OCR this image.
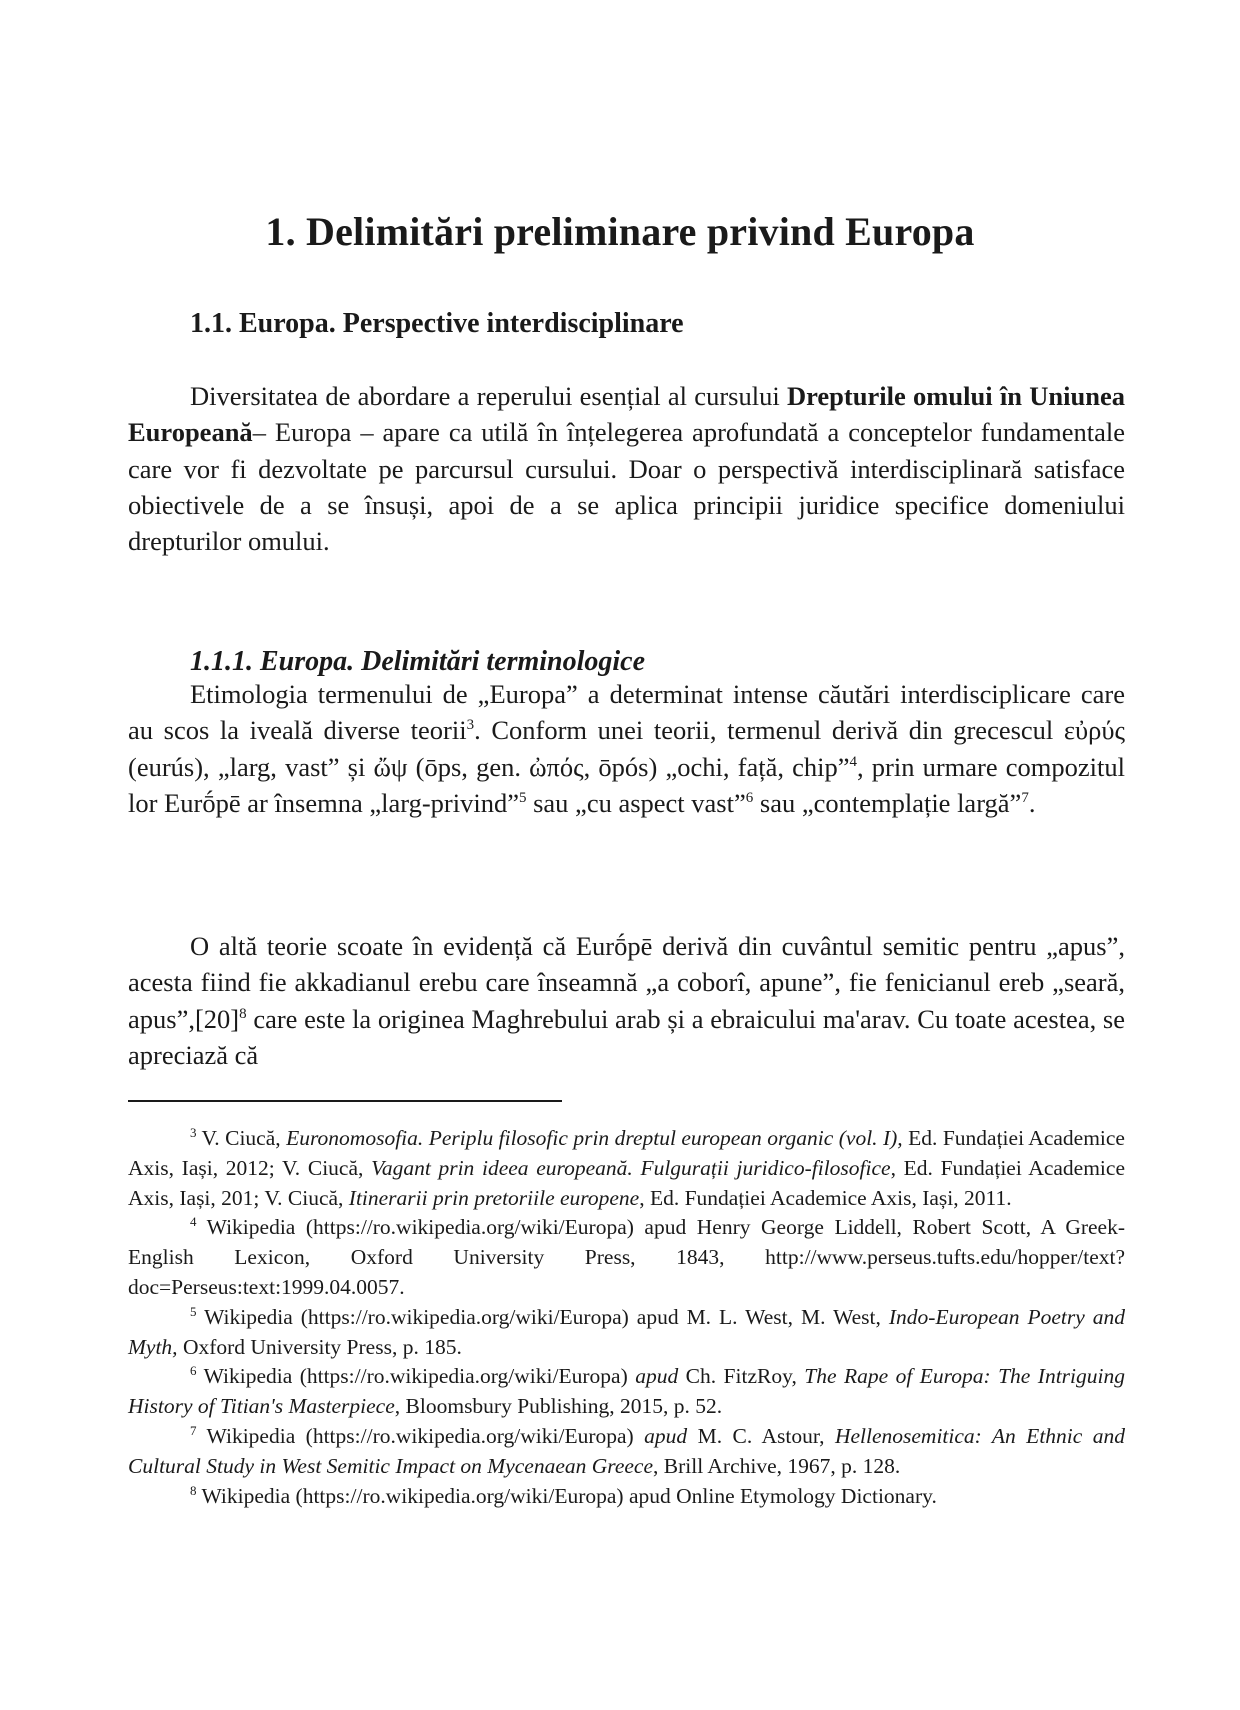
1. Delimitări preliminare privind Europa
1.1. Europa. Perspective interdisciplinare

Diversitatea de abordare a reperului esențial al cursului Drepturile omului în Uniunea Europeană– Europa – apare ca utilă în înțelegerea aprofundată a conceptelor fundamentale care vor fi dezvoltate pe parcursul cursului. Doar o perspectivă interdisciplinară satisface obiectivele de a se însuși, apoi de a se aplica principii juridice specifice domeniului drepturilor omului.

1.1.1. Europa. Delimitări terminologice

Etimologia termenului de „Europa” a determinat intense căutări interdisciplicare care au scos la iveală diverse teorii$^3$. Conform unei teorii, termenul derivă din grecescul εὐρύς (eurús), „larg, vast” și ὤψ (ōps, gen. ὠπός, ōpós) „ochi, față, chip”$^4$, prin urmare compozitul lor Eurṓpē ar însemna „larg-privind”$^5$ sau „cu aspect vast”$^6$ sau „contemplație largă”$^7$.

O altă teorie scoate în evidență că Eurṓpē derivă din cuvântul semitic pentru „apus”, acesta fiind fie akkadianul erebu care înseamnă „a coborî, apune”, fie fenicianul ereb „seară, $apus”,[20]^8$ care este la originea Maghrebului arab și a ebraicului ma'arav. Cu toate acestea, se apreciază că

$^3$ V. Ciucă, Euronomosofia. Periplu filosofic prin dreptul european organic (vol. I), Ed. Fundației Academice Axis, Iași, 2012; V. Ciucă, Vagant prin ideea europeană. Fulgurații juridico-filosofice, Ed. Fundației Academice Axis, Iași, 201; V. Ciucă, Itinerarii prin pretoriile europene, Ed. Fundației Academice Axis, Iași, 2011.

$^4$ Wikipedia (https://ro.wikipedia.org/wiki/Europa) apud Henry George Liddell, Robert Scott, A Greek-English Lexicon, Oxford University Press, 1843, http://www.perseus.tufts.edu/hopper/text?doc=Perseus:text:1999.04.0057.

$^5$ Wikipedia (https://ro.wikipedia.org/wiki/Europa) apud M. L. West, M. West, Indo-European Poetry and Myth, Oxford University Press, p. 185.

$^6$ Wikipedia (https://ro.wikipedia.org/wiki/Europa) apud Ch. FitzRoy, The Rape of Europa: The Intriguing History of Titian's Masterpiece, Bloomsbury Publishing, 2015, p. 52.

$^7$ Wikipedia (https://ro.wikipedia.org/wiki/Europa) apud M. C. Astour, Hellenosemitica: An Ethnic and Cultural Study in West Semitic Impact on Mycenaean Greece, Brill Archive, 1967, p. 128.

$^8$ Wikipedia (https://ro.wikipedia.org/wiki/Europa) apud Online Etymology Dictionary.
